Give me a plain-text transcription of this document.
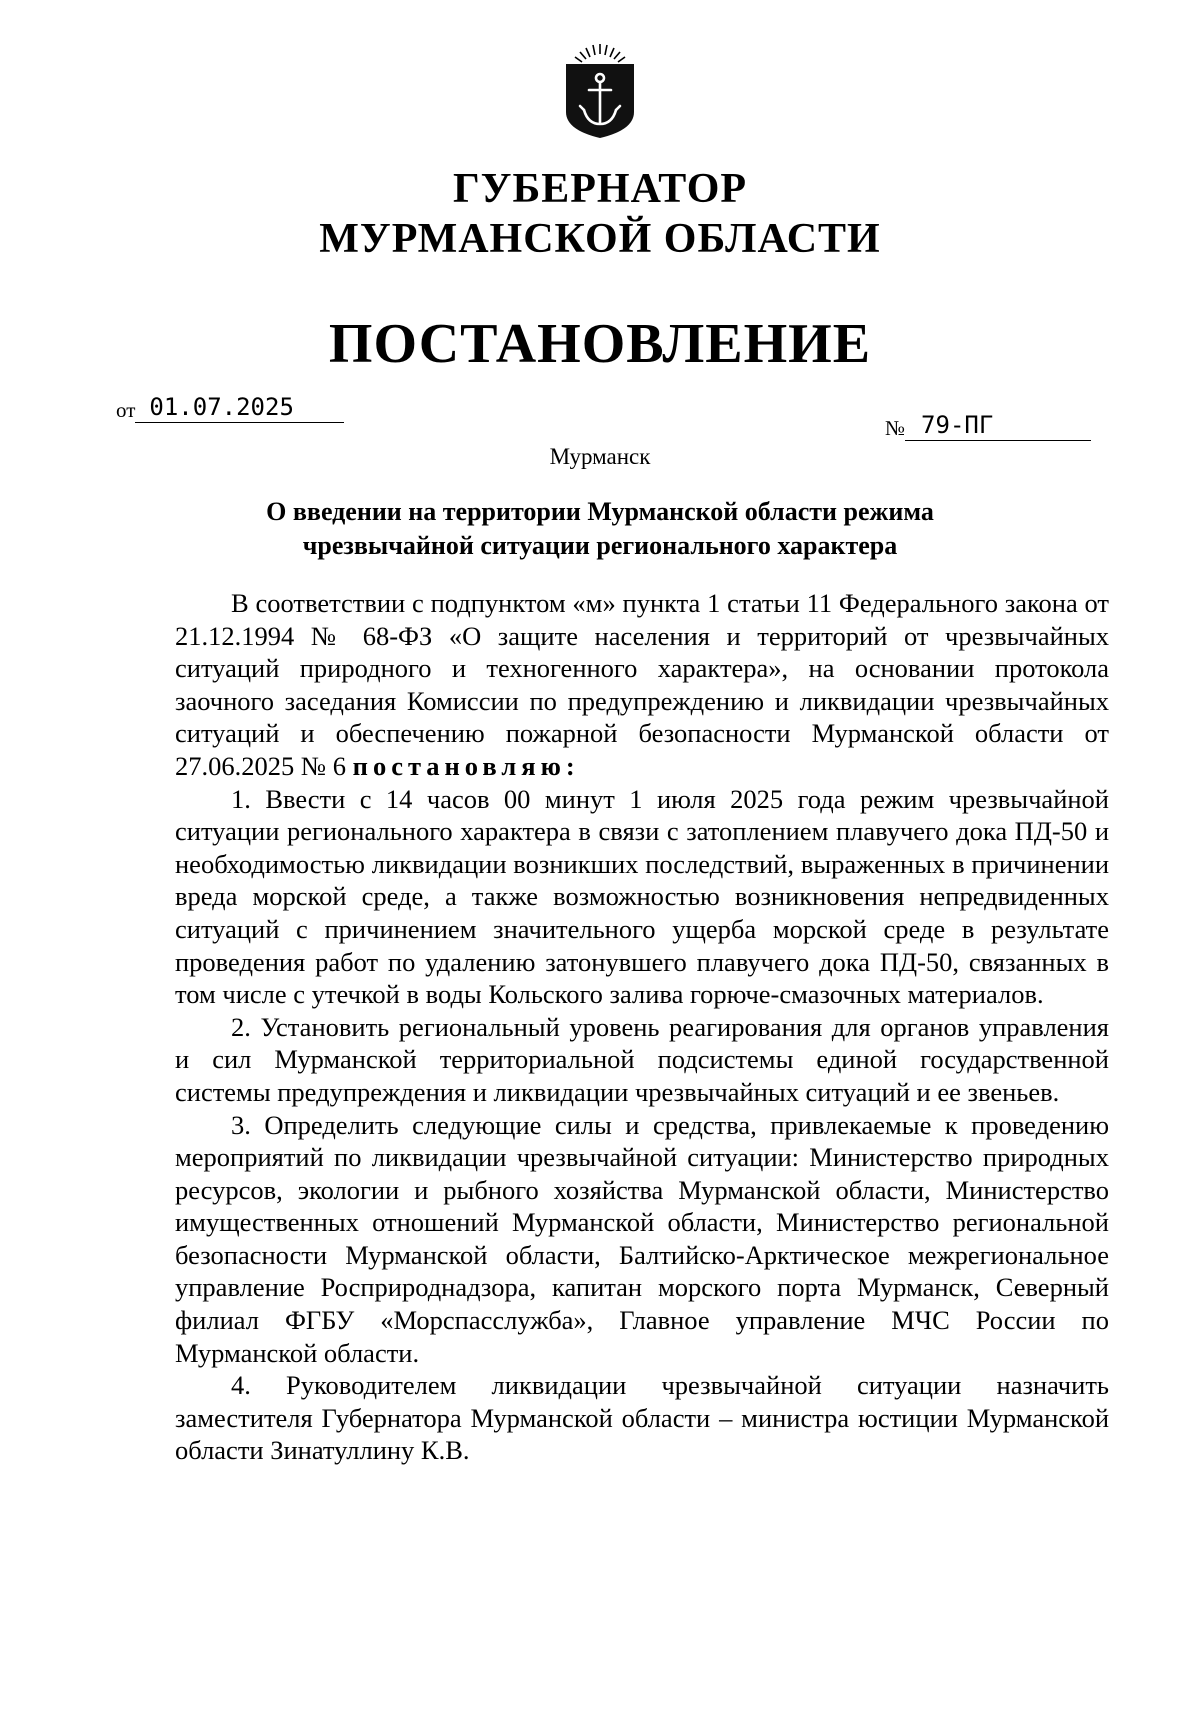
ГУБЕРНАТОР
МУРМАНСКОЙ ОБЛАСТИ
ПОСТАНОВЛЕНИЕ
от 01.07.2025
№ 79-ПГ
Мурманск
О введении на территории Мурманской области режима
чрезвычайной ситуации регионального характера

В соответствии с подпунктом «м» пункта 1 статьи 11 Федерального закона от 21.12.1994 № 68-ФЗ «О защите населения и территорий от чрезвычайных ситуаций природного и техногенного характера», на основании протокола заочного заседания Комиссии по предупреждению и ликвидации чрезвычайных ситуаций и обеспечению пожарной безопасности Мурманской области от 27.06.2025 № 6 постановляю:

1. Ввести с 14 часов 00 минут 1 июля 2025 года режим чрезвычайной ситуации регионального характера в связи с затоплением плавучего дока ПД-50 и необходимостью ликвидации возникших последствий, выраженных в причинении вреда морской среде, а также возможностью возникновения непредвиденных ситуаций с причинением значительного ущерба морской среде в результате проведения работ по удалению затонувшего плавучего дока ПД-50, связанных в том числе с утечкой в воды Кольского залива горюче-смазочных материалов.

2. Установить региональный уровень реагирования для органов управления и сил Мурманской территориальной подсистемы единой государственной системы предупреждения и ликвидации чрезвычайных ситуаций и ее звеньев.

3. Определить следующие силы и средства, привлекаемые к проведению мероприятий по ликвидации чрезвычайной ситуации: Министерство природных ресурсов, экологии и рыбного хозяйства Мурманской области, Министерство имущественных отношений Мурманской области, Министерство региональной безопасности Мурманской области, Балтийско-Арктическое межрегиональное управление Росприроднадзора, капитан морского порта Мурманск, Северный филиал ФГБУ «Морспасслужба», Главное управление МЧС России по Мурманской области.

4. Руководителем ликвидации чрезвычайной ситуации назначить заместителя Губернатора Мурманской области – министра юстиции Мурманской области Зинатуллину К.В.
